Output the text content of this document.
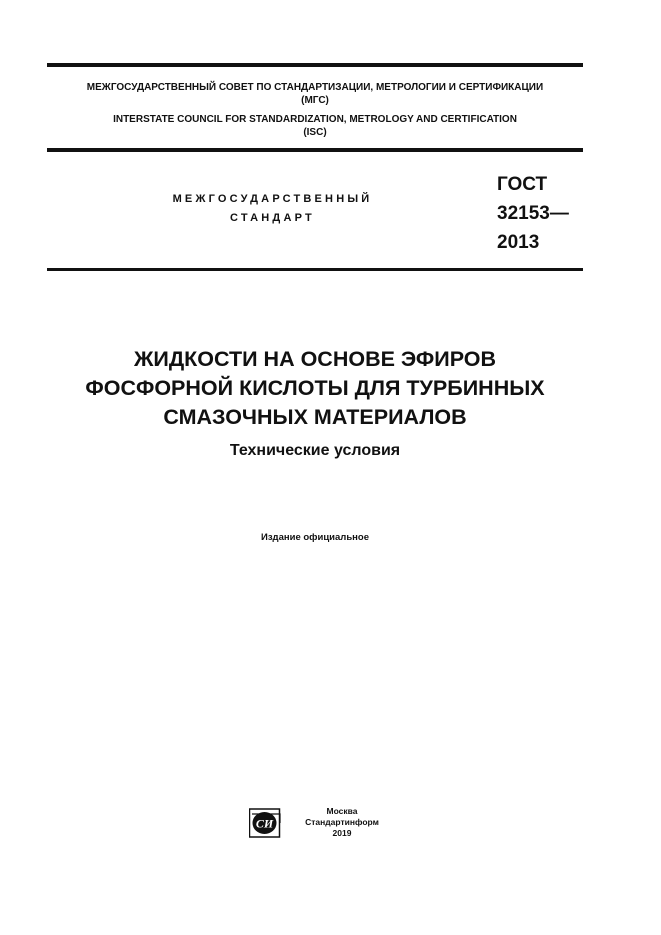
МЕЖГОСУДАРСТВЕННЫЙ СОВЕТ ПО СТАНДАРТИЗАЦИИ, МЕТРОЛОГИИ И СЕРТИФИКАЦИИ
(МГС)
INTERSTATE COUNCIL FOR STANDARDIZATION, METROLOGY AND CERTIFICATION
(ISC)
МЕЖГОСУДАРСТВЕННЫЙ
СТАНДАРТ
ГОСТ
32153—
2013
ЖИДКОСТИ НА ОСНОВЕ ЭФИРОВ
ФОСФОРНОЙ КИСЛОТЫ ДЛЯ ТУРБИННЫХ
СМАЗОЧНЫХ МАТЕРИАЛОВ
Технические условия
Издание официальное
СИ
Москва
Стандартинформ
2019
